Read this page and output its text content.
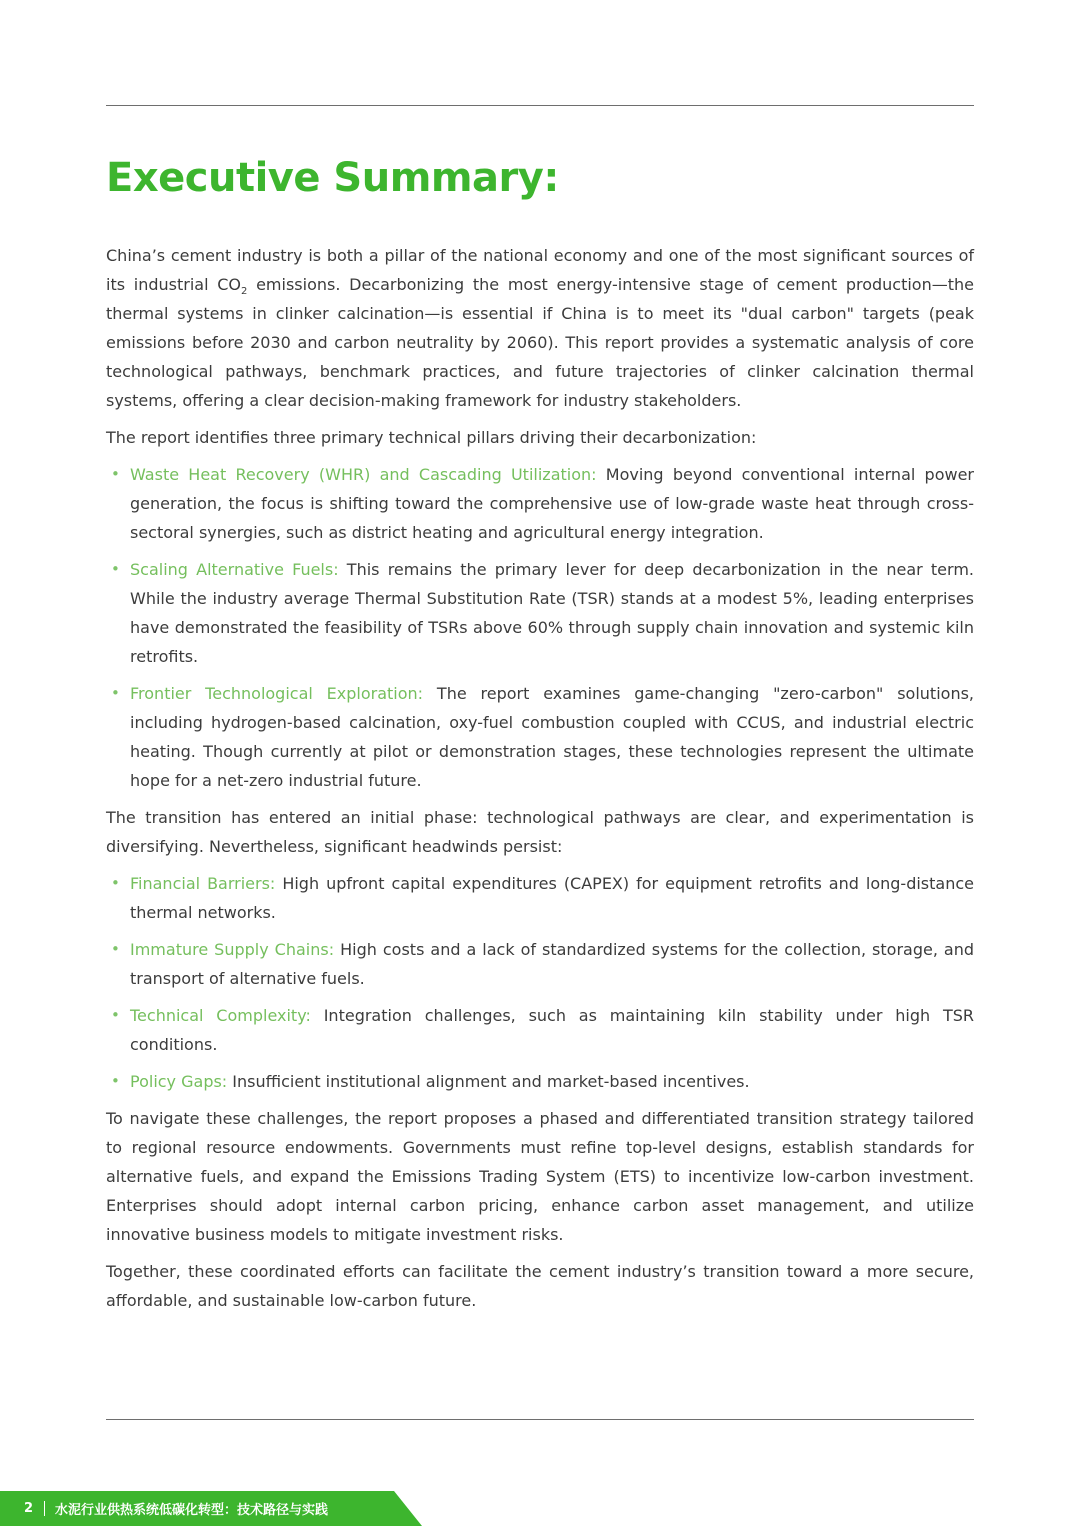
Executive Summary:

China’s cement industry is both a pillar of the national economy and one of the most significant sources of its industrial $CO_2$ emissions. Decarbonizing the most energy-intensive stage of cement production—the thermal systems in clinker calcination—is essential if China is to meet its "dual carbon" targets (peak emissions before 2030 and carbon neutrality by 2060). This report provides a systematic analysis of core technological pathways, benchmark practices, and future trajectories of clinker calcination thermal systems, offering a clear decision-making framework for industry stakeholders.

The report identifies three primary technical pillars driving their decarbonization:

• Waste Heat Recovery (WHR) and Cascading Utilization: Moving beyond conventional internal power generation, the focus is shifting toward the comprehensive use of low-grade waste heat through cross-sectoral synergies, such as district heating and agricultural energy integration.
• Scaling Alternative Fuels: This remains the primary lever for deep decarbonization in the near term. While the industry average Thermal Substitution Rate (TSR) stands at a modest 5%, leading enterprises have demonstrated the feasibility of TSRs above 60% through supply chain innovation and systemic kiln retrofits.
• Frontier Technological Exploration: The report examines game-changing "zero-carbon" solutions, including hydrogen-based calcination, oxy-fuel combustion coupled with CCUS, and industrial electric heating. Though currently at pilot or demonstration stages, these technologies represent the ultimate hope for a net-zero industrial future.

The transition has entered an initial phase: technological pathways are clear, and experimentation is diversifying. Nevertheless, significant headwinds persist:

• Financial Barriers: High upfront capital expenditures (CAPEX) for equipment retrofits and long-distance thermal networks.
• Immature Supply Chains: High costs and a lack of standardized systems for the collection, storage, and transport of alternative fuels.
• Technical Complexity: Integration challenges, such as maintaining kiln stability under high TSR conditions.
• Policy Gaps: Insufficient institutional alignment and market-based incentives.

To navigate these challenges, the report proposes a phased and differentiated transition strategy tailored to regional resource endowments. Governments must refine top-level designs, establish standards for alternative fuels, and expand the Emissions Trading System (ETS) to incentivize low-carbon investment. Enterprises should adopt internal carbon pricing, enhance carbon asset management, and utilize innovative business models to mitigate investment risks.

Together, these coordinated efforts can facilitate the cement industry’s transition toward a more secure, affordable, and sustainable low-carbon future.

2 水泥行业供热系统低碳化转型：技术路径与实践
